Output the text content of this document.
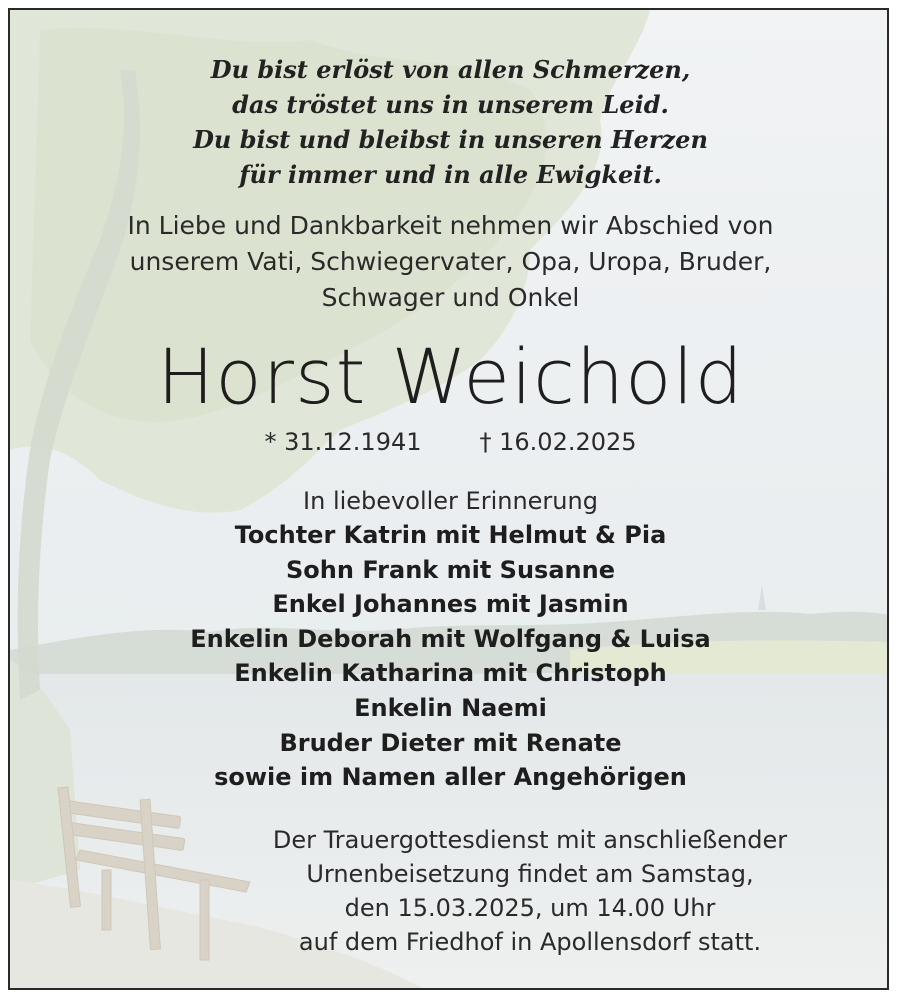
Du bist erlöst von allen Schmerzen,
das tröstet uns in unserem Leid.
Du bist und bleibst in unseren Herzen
für immer und in alle Ewigkeit.
In Liebe und Dankbarkeit nehmen wir Abschied von
unserem Vati, Schwiegervater, Opa, Uropa, Bruder,
Schwager und Onkel
Horst Weichold
* 31.12.1941 † 16.02.2025
In liebevoller Erinnerung
Tochter Katrin mit Helmut & Pia
Sohn Frank mit Susanne
Enkel Johannes mit Jasmin
Enkelin Deborah mit Wolfgang & Luisa
Enkelin Katharina mit Christoph
Enkelin Naemi
Bruder Dieter mit Renate
sowie im Namen aller Angehörigen
Der Trauergottesdienst mit anschließender
Urnenbeisetzung findet am Samstag,
den 15.03.2025, um 14.00 Uhr
auf dem Friedhof in Apollensdorf statt.
